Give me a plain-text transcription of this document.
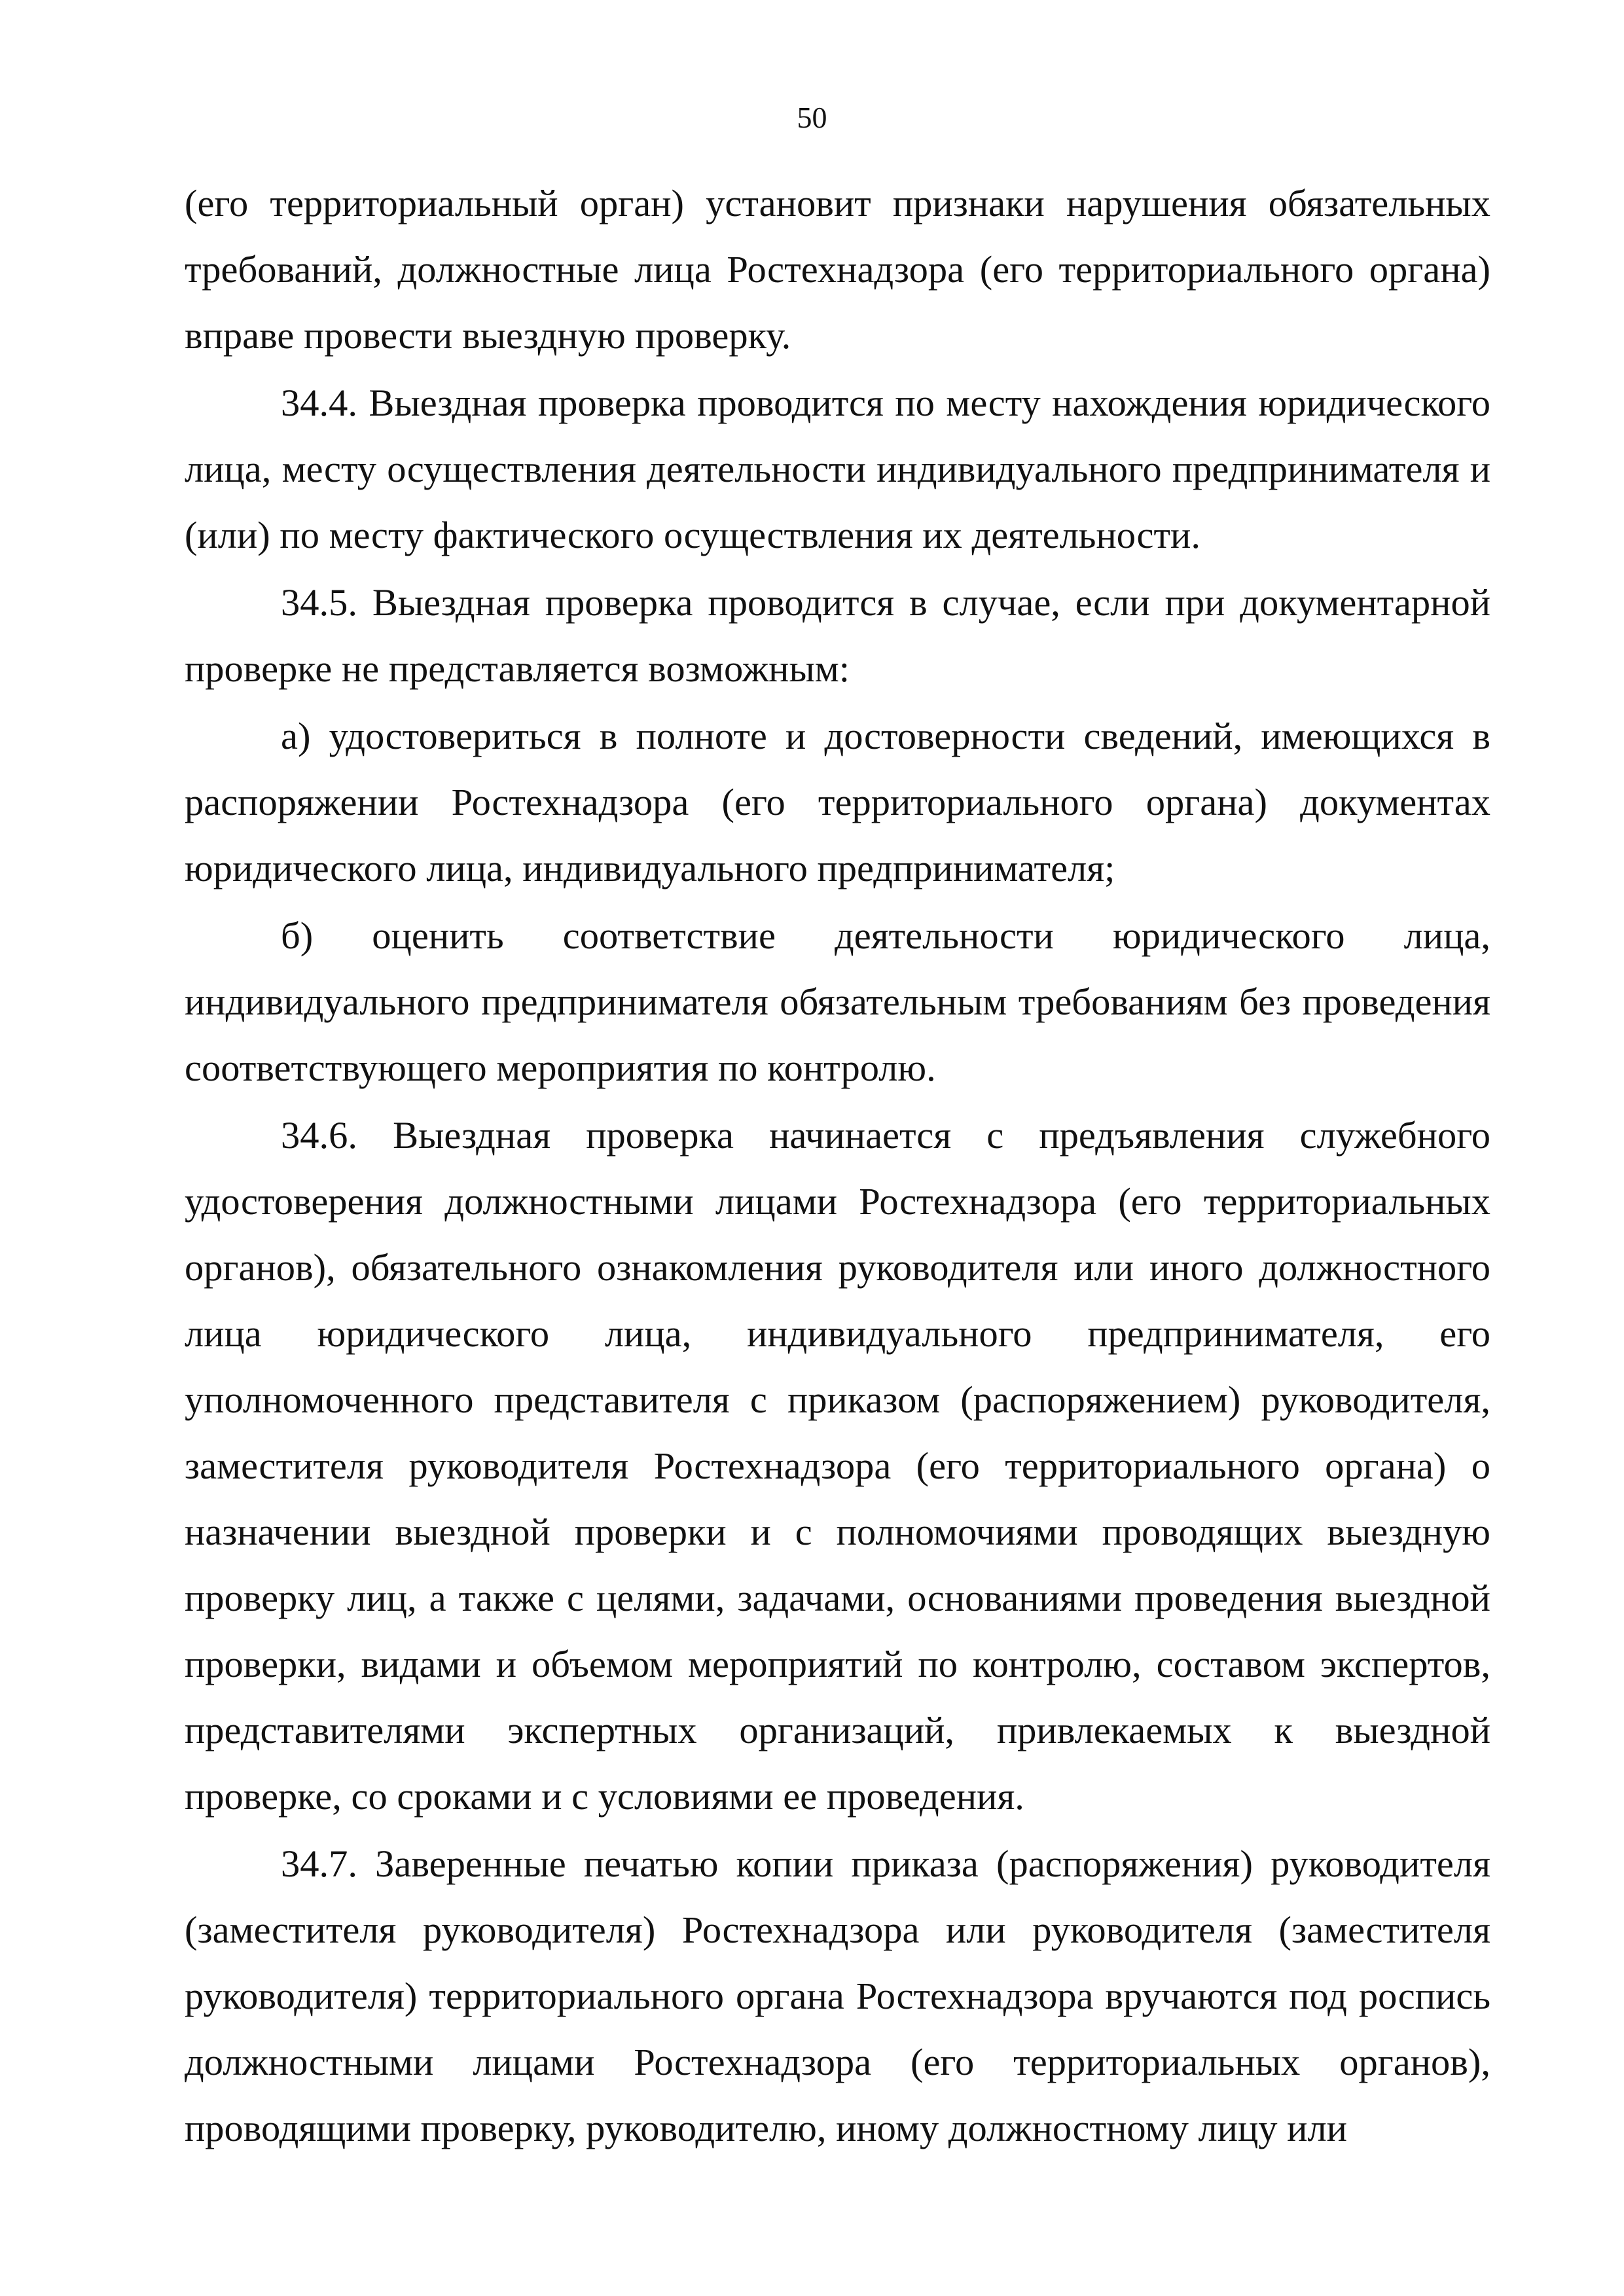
50

(его территориальный орган) установит признаки нарушения обязательных требований, должностные лица Ростехнадзора (его территориального органа) вправе провести выездную проверку.

34.4. Выездная проверка проводится по месту нахождения юридического лица, месту осуществления деятельности индивидуального предпринимателя и (или) по месту фактического осуществления их деятельности.

34.5. Выездная проверка проводится в случае, если при документарной проверке не представляется возможным:

а) удостовериться в полноте и достоверности сведений, имеющихся в распоряжении Ростехнадзора (его территориального органа) документах юридического лица, индивидуального предпринимателя;

б) оценить соответствие деятельности юридического лица, индивидуального предпринимателя обязательным требованиям без проведения соответствующего мероприятия по контролю.

34.6. Выездная проверка начинается с предъявления служебного удостоверения должностными лицами Ростехнадзора (его территориальных органов), обязательного ознакомления руководителя или иного должностного лица юридического лица, индивидуального предпринимателя, его уполномоченного представителя с приказом (распоряжением) руководителя, заместителя руководителя Ростехнадзора (его территориального органа) о назначении выездной проверки и с полномочиями проводящих выездную проверку лиц, а также с целями, задачами, основаниями проведения выездной проверки, видами и объемом мероприятий по контролю, составом экспертов, представителями экспертных организаций, привлекаемых к выездной проверке, со сроками и с условиями ее проведения.

34.7. Заверенные печатью копии приказа (распоряжения) руководителя (заместителя руководителя) Ростехнадзора или руководителя (заместителя руководителя) территориального органа Ростехнадзора вручаются под роспись должностными лицами Ростехнадзора (его территориальных органов), проводящими проверку, руководителю, иному должностному лицу или
